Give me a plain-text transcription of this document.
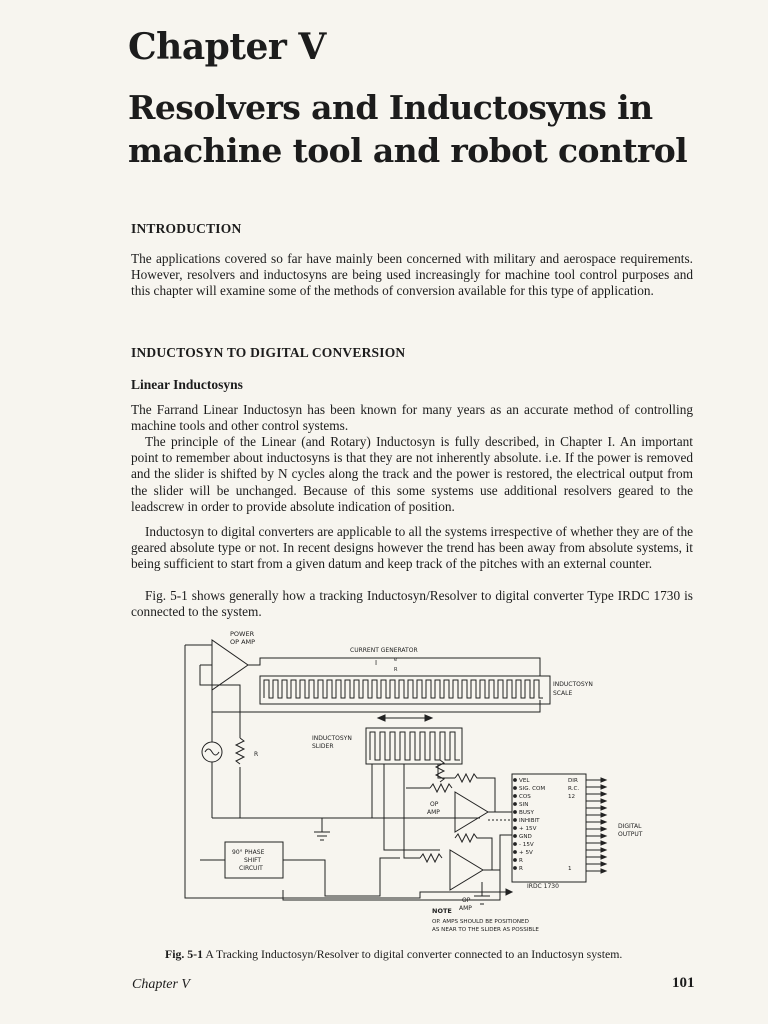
Chapter V
Resolvers and Inductosyns in
machine tool and robot control
INTRODUCTION

The applications covered so far have mainly been concerned with military and aerospace requirements. However, resolvers and inductosyns are being used increasingly for machine tool control purposes and this chapter will examine some of the methods of conversion available for this type of application.

INDUCTOSYN TO DIGITAL CONVERSION
Linear Inductosyns

The Farrand Linear Inductosyn has been known for many years as an accurate method of controlling machine tools and other control systems.

The principle of the Linear (and Rotary) Inductosyn is fully described, in Chapter I. An important point to remember about inductosyns is that they are not inherently absolute. i.e. If the power is removed and the slider is shifted by N cycles along the track and the power is restored, the electrical output from the slider will be unchanged. Because of this some systems use additional resolvers geared to the leadscrew in order to provide absolute indication of position.

Inductosyn to digital converters are applicable to all the systems irrespective of whether they are of the geared absolute type or not. In recent designs however the trend has been away from absolute systems, it being sufficient to start from a given datum and keep track of the pitches with an external counter.

Fig. 5-1 shows generally how a tracking Inductosyn/Resolver to digital converter Type IRDC 1730 is connected to the system.

POWER
OP AMP
CURRENT GENERATOR
I	e
R
INDUCTOSYN
SCALE
INDUCTOSYN
SLIDER
R
OP
AMP
OP
AMP
90° PHASE
SHIFT
CIRCUIT
VEL
SIG. COM
COS
SIN
BUSY
INHIBIT
+ 15V
GND
- 15V
+ 5V
R
R
DIR
R.C.
12
1
IRDC 1730
DIGITAL
OUTPUT
NOTE
OP. AMPS SHOULD BE POSITIONED
AS NEAR TO THE SLIDER AS POSSIBLE
Fig. 5-1 A Tracking Inductosyn/Resolver to digital converter connected to an Inductosyn system.
Chapter V	101
